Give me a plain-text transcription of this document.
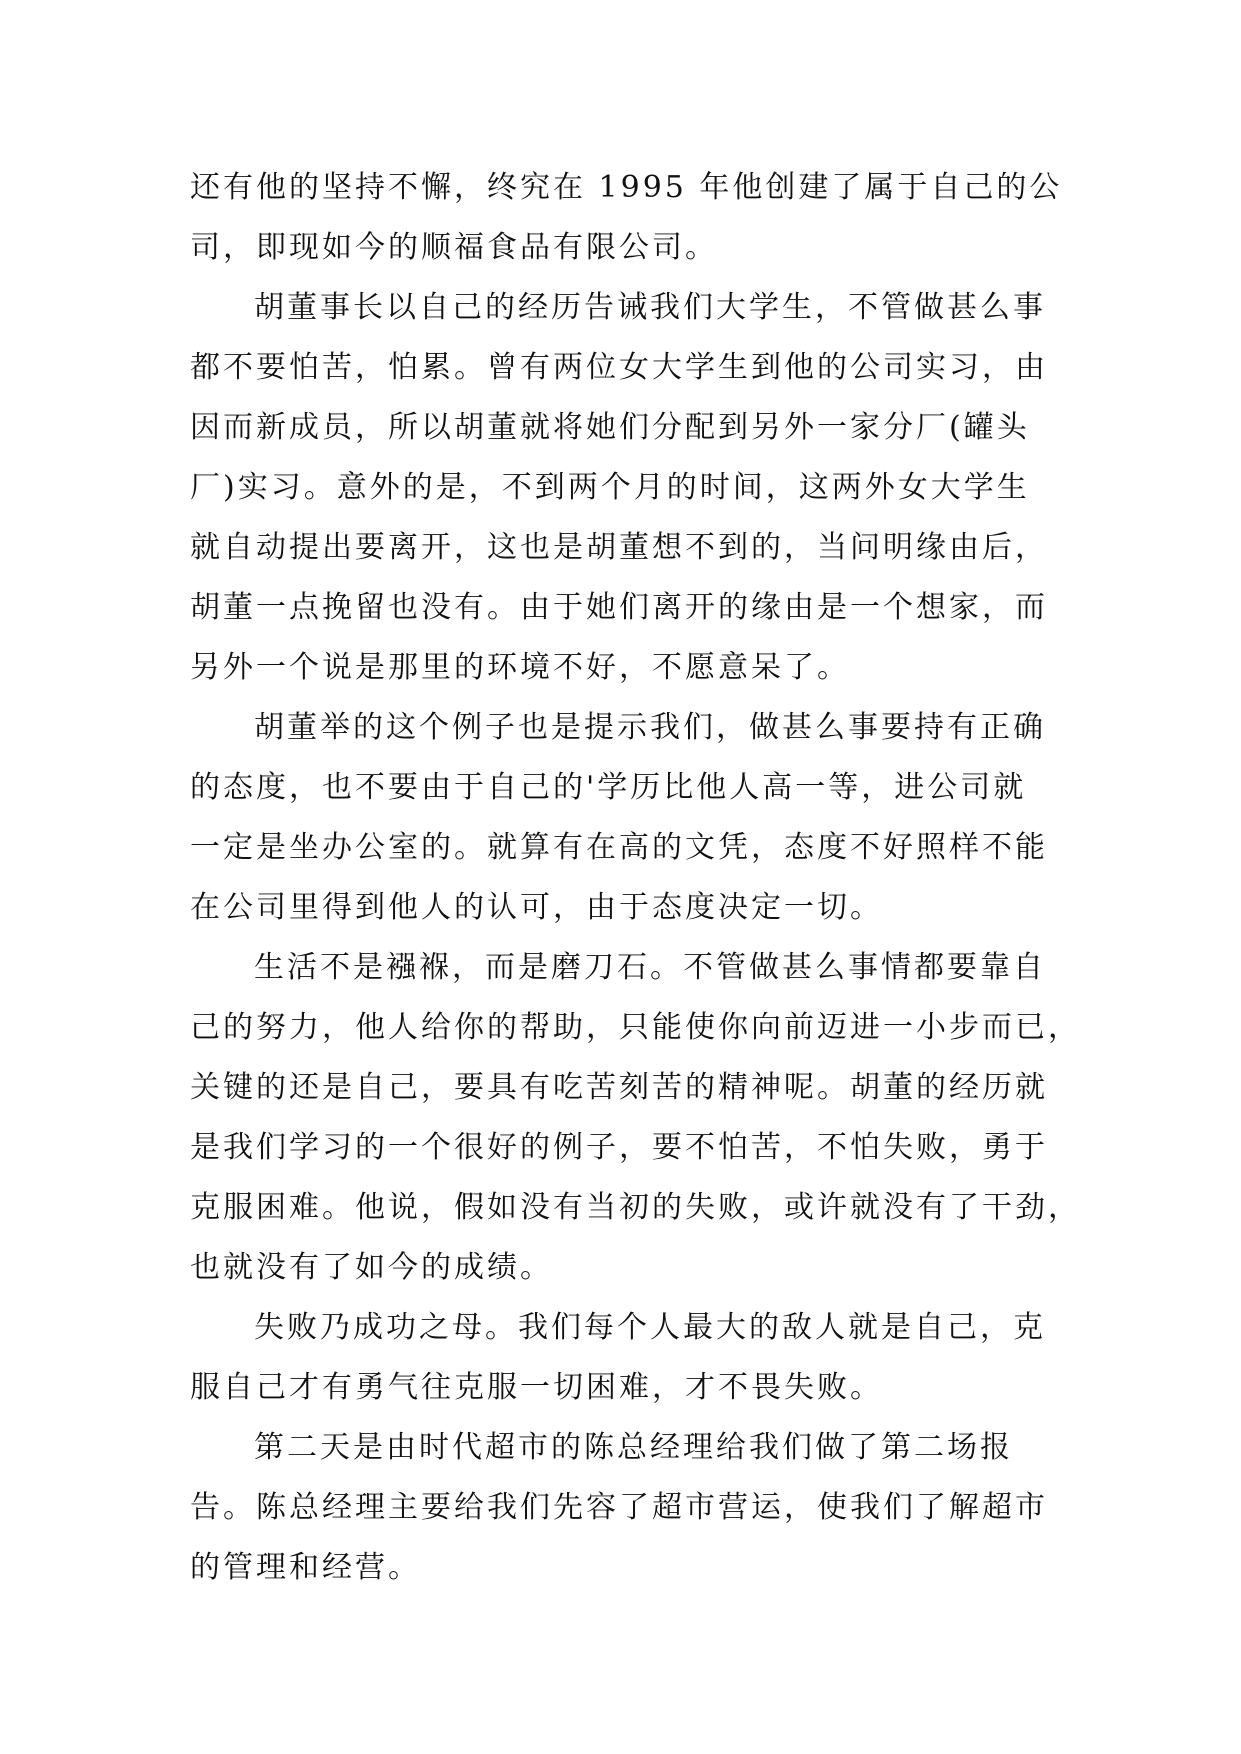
还有他的坚持不懈，终究在 1995 年他创建了属于自己的公
司，即现如今的顺福食品有限公司。
胡董事长以自己的经历告诫我们大学生，不管做甚么事
都不要怕苦，怕累。曾有两位女大学生到他的公司实习，由
因而新成员，所以胡董就将她们分配到另外一家分厂(罐头
厂)实习。意外的是，不到两个月的时间，这两外女大学生
就自动提出要离开，这也是胡董想不到的，当问明缘由后，
胡董一点挽留也没有。由于她们离开的缘由是一个想家，而
另外一个说是那里的环境不好，不愿意呆了。
胡董举的这个例子也是提示我们，做甚么事要持有正确
的态度，也不要由于自己的'学历比他人高一等，进公司就
一定是坐办公室的。就算有在高的文凭，态度不好照样不能
在公司里得到他人的认可，由于态度决定一切。
生活不是襁褓，而是磨刀石。不管做甚么事情都要靠自
己的努力，他人给你的帮助，只能使你向前迈进一小步而已，
关键的还是自己，要具有吃苦刻苦的精神呢。胡董的经历就
是我们学习的一个很好的例子，要不怕苦，不怕失败，勇于
克服困难。他说，假如没有当初的失败，或许就没有了干劲，
也就没有了如今的成绩。
失败乃成功之母。我们每个人最大的敌人就是自己，克
服自己才有勇气往克服一切困难，才不畏失败。
第二天是由时代超市的陈总经理给我们做了第二场报
告。陈总经理主要给我们先容了超市营运，使我们了解超市
的管理和经营。
